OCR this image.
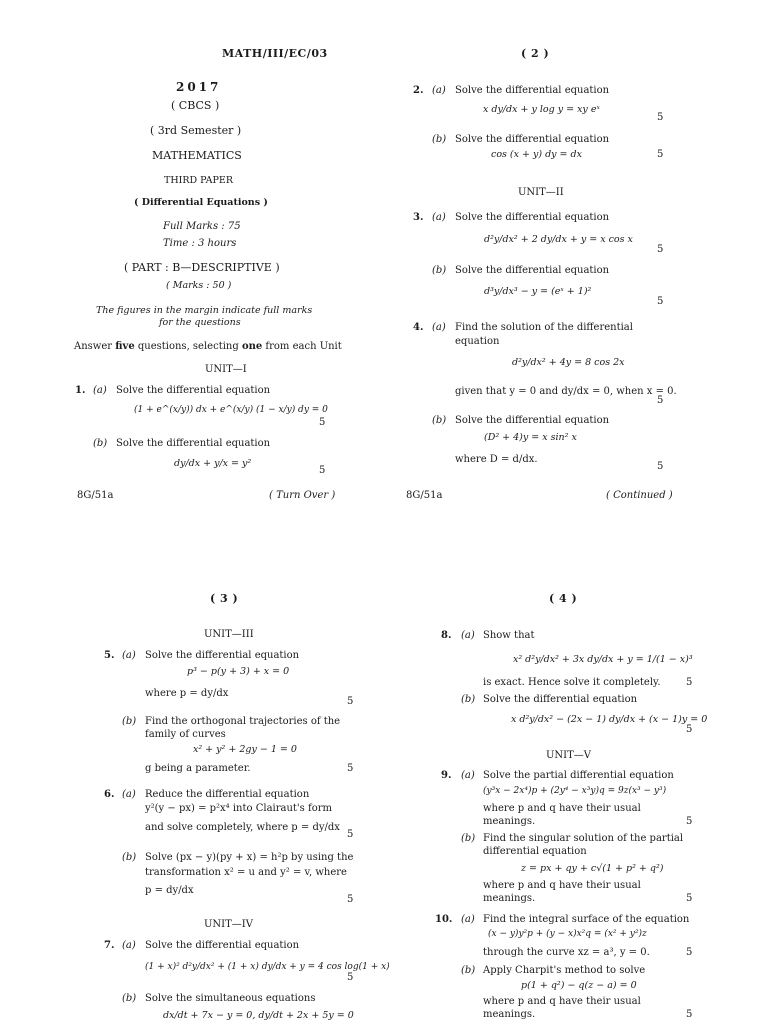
MATH/III/EC/03
2017
( CBCS )
( 3rd Semester )
MATHEMATICS
THIRD PAPER
( Differential Equations )
Full Marks : 75
Time : 3 hours
( PART : B—DESCRIPTIVE )
( Marks : 50 )
The figures in the margin indicate full marks
for the questions
Answer five questions, selecting one from each Unit
UNIT—I
1. (a) Solve the differential equation
(1 + e^(x/y)) dx + e^(x/y) (1 − x/y) dy = 0
5
(b) Solve the differential equation
dy/dx + y/x = y²
5
8G/51a	( Turn Over )
( 2 )
2. (a) Solve the differential equation
x dy/dx + y log y = xy eˣ
5
(b) Solve the differential equation
cos (x + y) dy = dx	5
UNIT—II
3. (a) Solve the differential equation
d²y/dx² + 2 dy/dx + y = x cos x
5
(b) Solve the differential equation
d³y/dx³ − y = (eˣ + 1)²
5
4. (a) Find the solution of the differential
equation
d²y/dx² + 4y = 8 cos 2x
given that y = 0 and dy/dx = 0, when x = 0.
5
(b) Solve the differential equation
(D² + 4)y = x sin² x
where D = d/dx.
5
8G/51a	( Continued )
( 3 )
UNIT—III
5. (a) Solve the differential equation
p³ − p(y + 3) + x = 0
where p = dy/dx
5
(b) Find the orthogonal trajectories of the
family of curves
x² + y² + 2gy − 1 = 0
g being a parameter.	5
6. (a) Reduce the differential equation
y²(y − px) = p²x⁴ into Clairaut's form
and solve completely, where p = dy/dx
5
(b) Solve (px − y)(py + x) = h²p by using the
transformation x² = u and y² = v, where
p = dy/dx
5
UNIT—IV
7. (a) Solve the differential equation
(1 + x)² d²y/dx² + (1 + x) dy/dx + y = 4 cos log(1 + x)
5
(b) Solve the simultaneous equations
dx/dt + 7x − y = 0, dy/dt + 2x + 5y = 0
( 4 )
8. (a) Show that
x² d²y/dx² + 3x dy/dx + y = 1/(1 − x)³
is exact. Hence solve it completely.	5
(b) Solve the differential equation
x d²y/dx² − (2x − 1) dy/dx + (x − 1)y = 0
5
UNIT—V
9. (a) Solve the partial differential equation
(y³x − 2x⁴)p + (2y⁴ − x³y)q = 9z(x³ − y³)
where p and q have their usual
meanings.	5
(b) Find the singular solution of the partial
differential equation
z = px + qy + c√(1 + p² + q²)
where p and q have their usual
meanings.	5
10. (a) Find the integral surface of the equation
(x − y)y²p + (y − x)x²q = (x² + y²)z
through the curve xz = a³, y = 0.	5
(b) Apply Charpit's method to solve
p(1 + q²) − q(z − a) = 0
where p and q have their usual
meanings.	5
